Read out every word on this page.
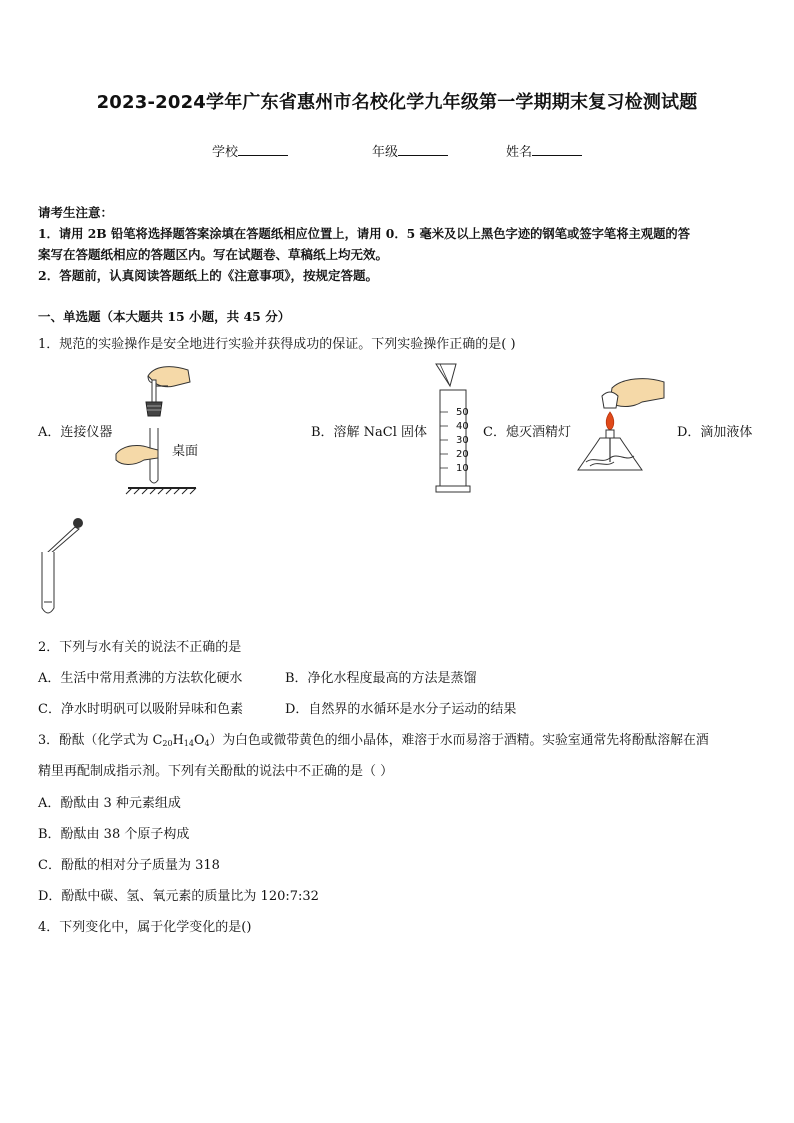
2023-2024学年广东省惠州市名校化学九年级第一学期期末复习检测试题
学校	年级	姓名
请考生注意：
1．请用 2B 铅笔将选择题答案涂填在答题纸相应位置上，请用 0．5 毫米及以上黑色字迹的钢笔或签字笔将主观题的答
案写在答题纸相应的答题区内。写在试题卷、草稿纸上均无效。
2．答题前，认真阅读答题纸上的《注意事项》，按规定答题。
一、单选题（本大题共 15 小题，共 45 分）
1．规范的实验操作是安全地进行实验并获得成功的保证。下列实验操作正确的是( )
A．连接仪器	B．溶解 NaCl 固体	C．熄灭酒精灯	D．滴加液体
桌面
50
40
30
20
10
2．下列与水有关的说法不正确的是
A．生活中常用煮沸的方法软化硬水	B．净化水程度最高的方法是蒸馏
C．净水时明矾可以吸附异味和色素	D．自然界的水循环是水分子运动的结果
3．酚酞（化学式为 $C_{20}H_{14}O_4$）为白色或微带黄色的细小晶体，难溶于水而易溶于酒精。实验室通常先将酚酞溶解在酒
精里再配制成指示剂。下列有关酚酞的说法中不正确的是（ ）
A．酚酞由 3 种元素组成
B．酚酞由 38 个原子构成
C．酚酞的相对分子质量为 318
D．酚酞中碳、氢、氧元素的质量比为 120:7:32
4．下列变化中，属于化学变化的是()
